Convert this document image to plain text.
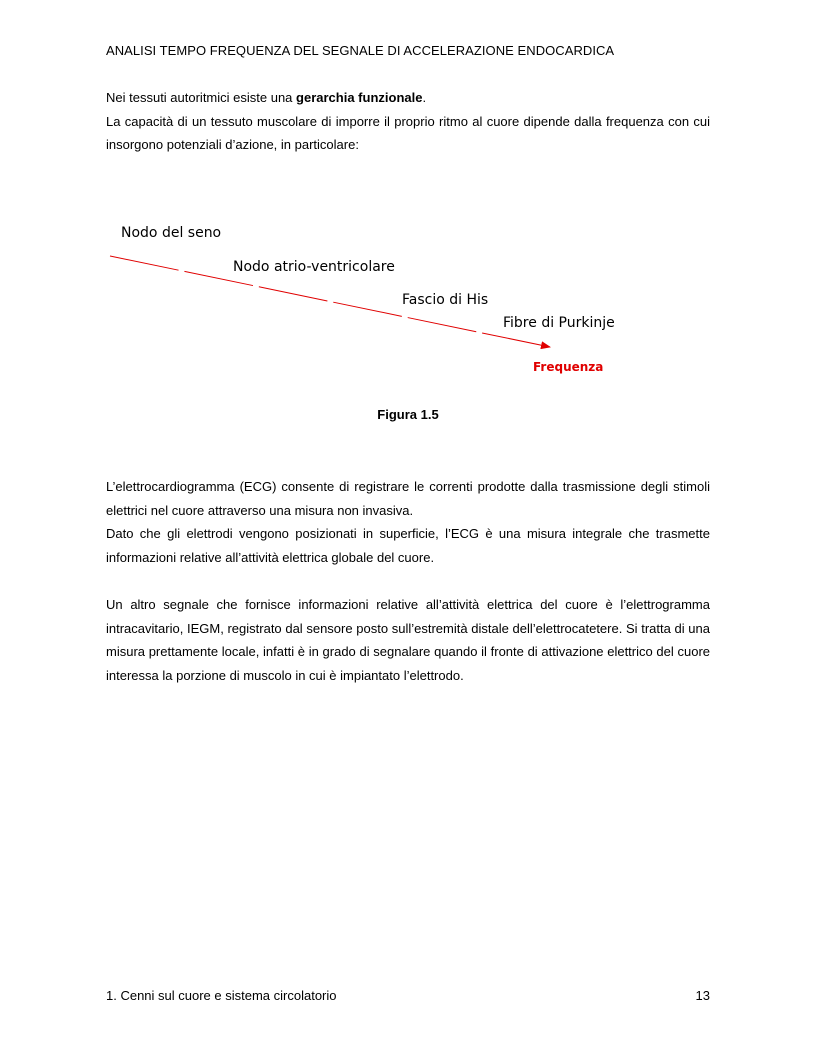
ANALISI TEMPO FREQUENZA DEL SEGNALE DI ACCELERAZIONE ENDOCARDICA

Nei tessuti autoritmici esiste una gerarchia funzionale.

La capacità di un tessuto muscolare di imporre il proprio ritmo al cuore dipende dalla frequenza con cui insorgono potenziali d’azione, in particolare:

Nodo del seno
Nodo atrio-ventricolare
Fascio di His
Fibre di Purkinje
Frequenza
Figura 1.5

L’elettrocardiogramma (ECG) consente di registrare le correnti prodotte dalla trasmissione degli stimoli elettrici nel cuore attraverso una misura non invasiva.

Dato che gli elettrodi vengono posizionati in superficie, l’ECG è una misura integrale che trasmette informazioni relative all’attività elettrica globale del cuore.

Un altro segnale che fornisce informazioni relative all’attività elettrica del cuore è l’elettrogramma intracavitario, IEGM, registrato dal sensore posto sull’estremità distale dell’elettrocatetere. Si tratta di una misura prettamente locale, infatti è in grado di segnalare quando il fronte di attivazione elettrico del cuore interessa la porzione di muscolo in cui è impiantato l’elettrodo.

1. Cenni sul cuore e sistema circolatorio	13
